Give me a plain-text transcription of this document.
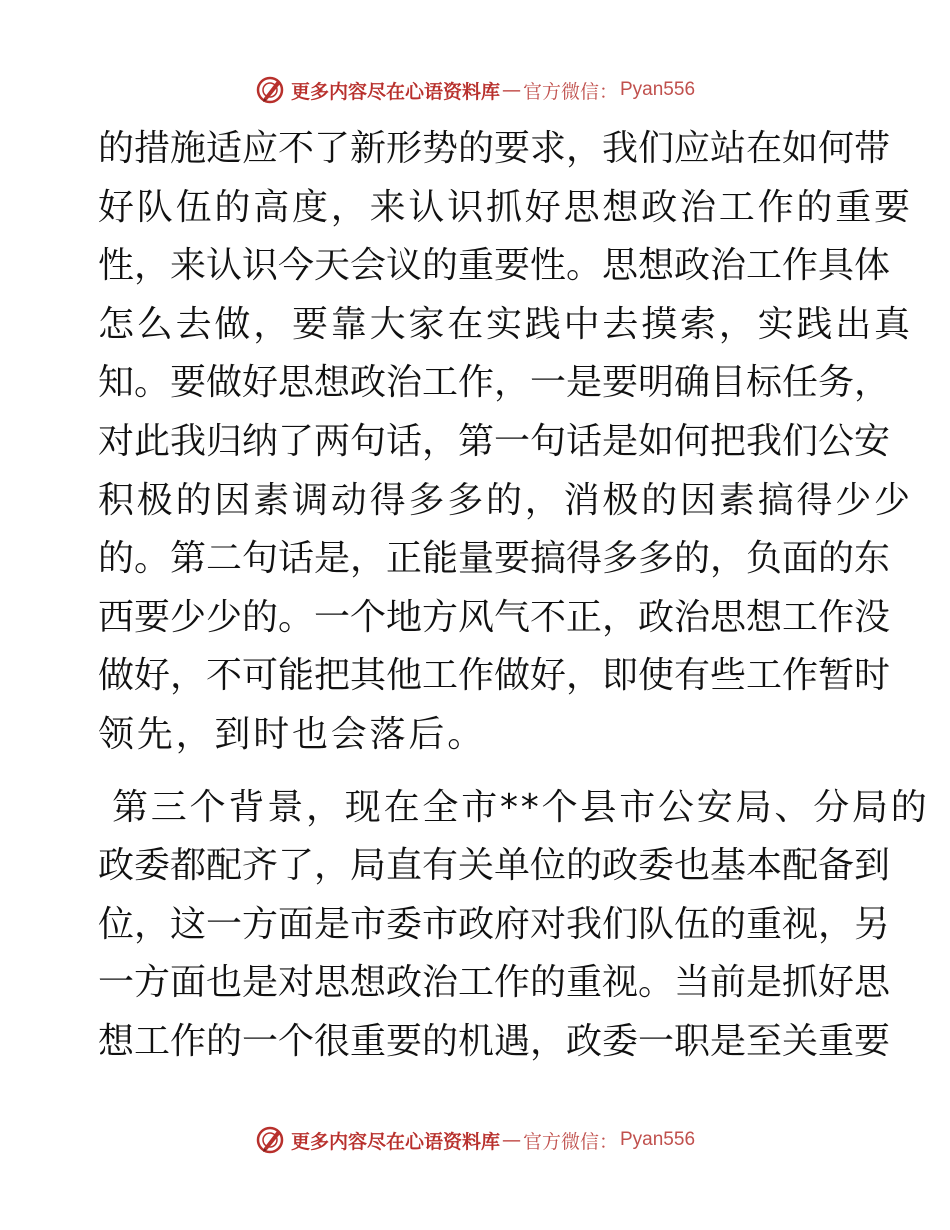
更多内容尽在心语资料库 — 官方微信： Pyan556
的措施适应不了新形势的要求，我们应站在如何带
好队伍的高度，来认识抓好思想政治工作的重要
性，来认识今天会议的重要性。思想政治工作具体
怎么去做，要靠大家在实践中去摸索，实践出真
知。要做好思想政治工作，一是要明确目标任务，
对此我归纳了两句话，第一句话是如何把我们公安
积极的因素调动得多多的，消极的因素搞得少少
的。第二句话是，正能量要搞得多多的，负面的东
西要少少的。一个地方风气不正，政治思想工作没
做好，不可能把其他工作做好，即使有些工作暂时
领先，到时也会落后。
第三个背景，现在全市**个县市公安局、分局的
政委都配齐了，局直有关单位的政委也基本配备到
位，这一方面是市委市政府对我们队伍的重视，另
一方面也是对思想政治工作的重视。当前是抓好思
想工作的一个很重要的机遇，政委一职是至关重要
更多内容尽在心语资料库 — 官方微信： Pyan556
